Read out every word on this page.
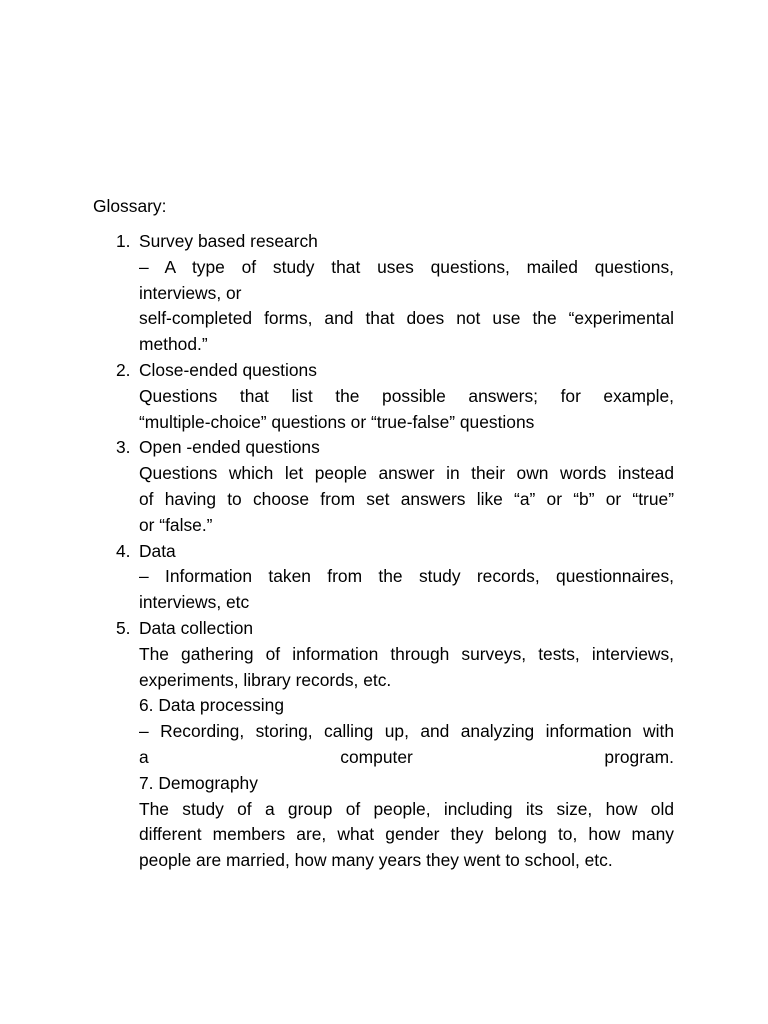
Glossary:
1. Survey based research
– A type of study that uses questions, mailed questions,
interviews, or
self-completed forms, and that does not use the “experimental
method.”
2. Close-ended questions
Questions that list the possible answers; for example,
“multiple-choice” questions or “true-false” questions
3. Open -ended questions
Questions which let people answer in their own words instead
of having to choose from set answers like “a” or “b” or “true”
or “false.”
4. Data
– Information taken from the study records, questionnaires,
interviews, etc
5. Data collection
The gathering of information through surveys, tests, interviews,
experiments, library records, etc.
6. Data processing
– Recording, storing, calling up, and analyzing information with
a computer program.
7. Demography
The study of a group of people, including its size, how old
different members are, what gender they belong to, how many
people are married, how many years they went to school, etc.
